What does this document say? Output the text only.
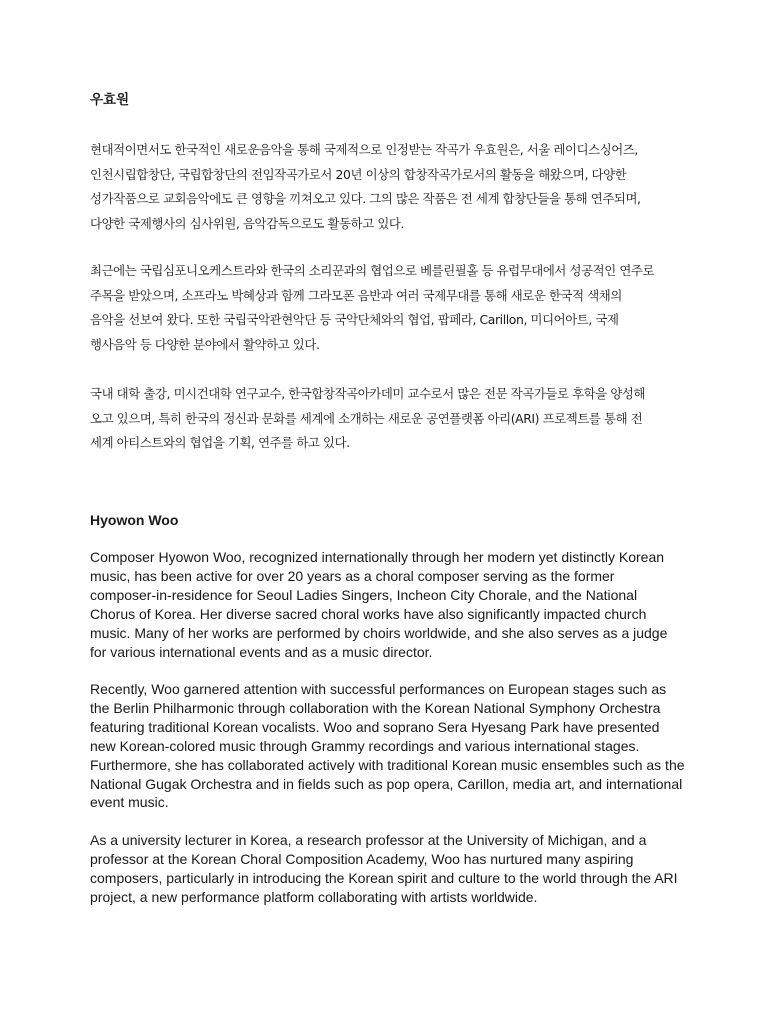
우효원

현대적이면서도 한국적인 새로운음악을 통해 국제적으로 인정받는 작곡가 우효원은, 서울 레이디스싱어즈,
인천시립합창단, 국립합창단의 전임작곡가로서 20년 이상의 합창작곡가로서의 활동을 해왔으며, 다양한
성가작품으로 교회음악에도 큰 영향을 끼쳐오고 있다. 그의 많은 작품은 전 세계 합창단들을 통해 연주되며,
다양한 국제행사의 심사위원, 음악감독으로도 활동하고 있다.

최근에는 국립심포니오케스트라와 한국의 소리꾼과의 협업으로 베를린필홀 등 유럽무대에서 성공적인 연주로
주목을 받았으며, 소프라노 박혜상과 함께 그라모폰 음반과 여러 국제무대를 통해 새로운 한국적 색채의
음악을 선보여 왔다. 또한 국립국악관현악단 등 국악단체와의 협업, 팝페라, Carillon, 미디어아트, 국제
행사음악 등 다양한 분야에서 활약하고 있다.

국내 대학 출강, 미시건대학 연구교수, 한국합창작곡아카데미 교수로서 많은 전문 작곡가들로 후학을 양성해
오고 있으며, 특히 한국의 정신과 문화를 세계에 소개하는 새로운 공연플랫폼 아리(ARI) 프로젝트를 통해 전
세계 아티스트와의 협업을 기획, 연주를 하고 있다.

Hyowon Woo

Composer Hyowon Woo, recognized internationally through her modern yet distinctly Korean
music, has been active for over 20 years as a choral composer serving as the former
composer-in-residence for Seoul Ladies Singers, Incheon City Chorale, and the National
Chorus of Korea. Her diverse sacred choral works have also significantly impacted church
music. Many of her works are performed by choirs worldwide, and she also serves as a judge
for various international events and as a music director.

Recently, Woo garnered attention with successful performances on European stages such as
the Berlin Philharmonic through collaboration with the Korean National Symphony Orchestra
featuring traditional Korean vocalists. Woo and soprano Sera Hyesang Park have presented
new Korean-colored music through Grammy recordings and various international stages.
Furthermore, she has collaborated actively with traditional Korean music ensembles such as the
National Gugak Orchestra and in fields such as pop opera, Carillon, media art, and international
event music.

As a university lecturer in Korea, a research professor at the University of Michigan, and a
professor at the Korean Choral Composition Academy, Woo has nurtured many aspiring
composers, particularly in introducing the Korean spirit and culture to the world through the ARI
project, a new performance platform collaborating with artists worldwide.
